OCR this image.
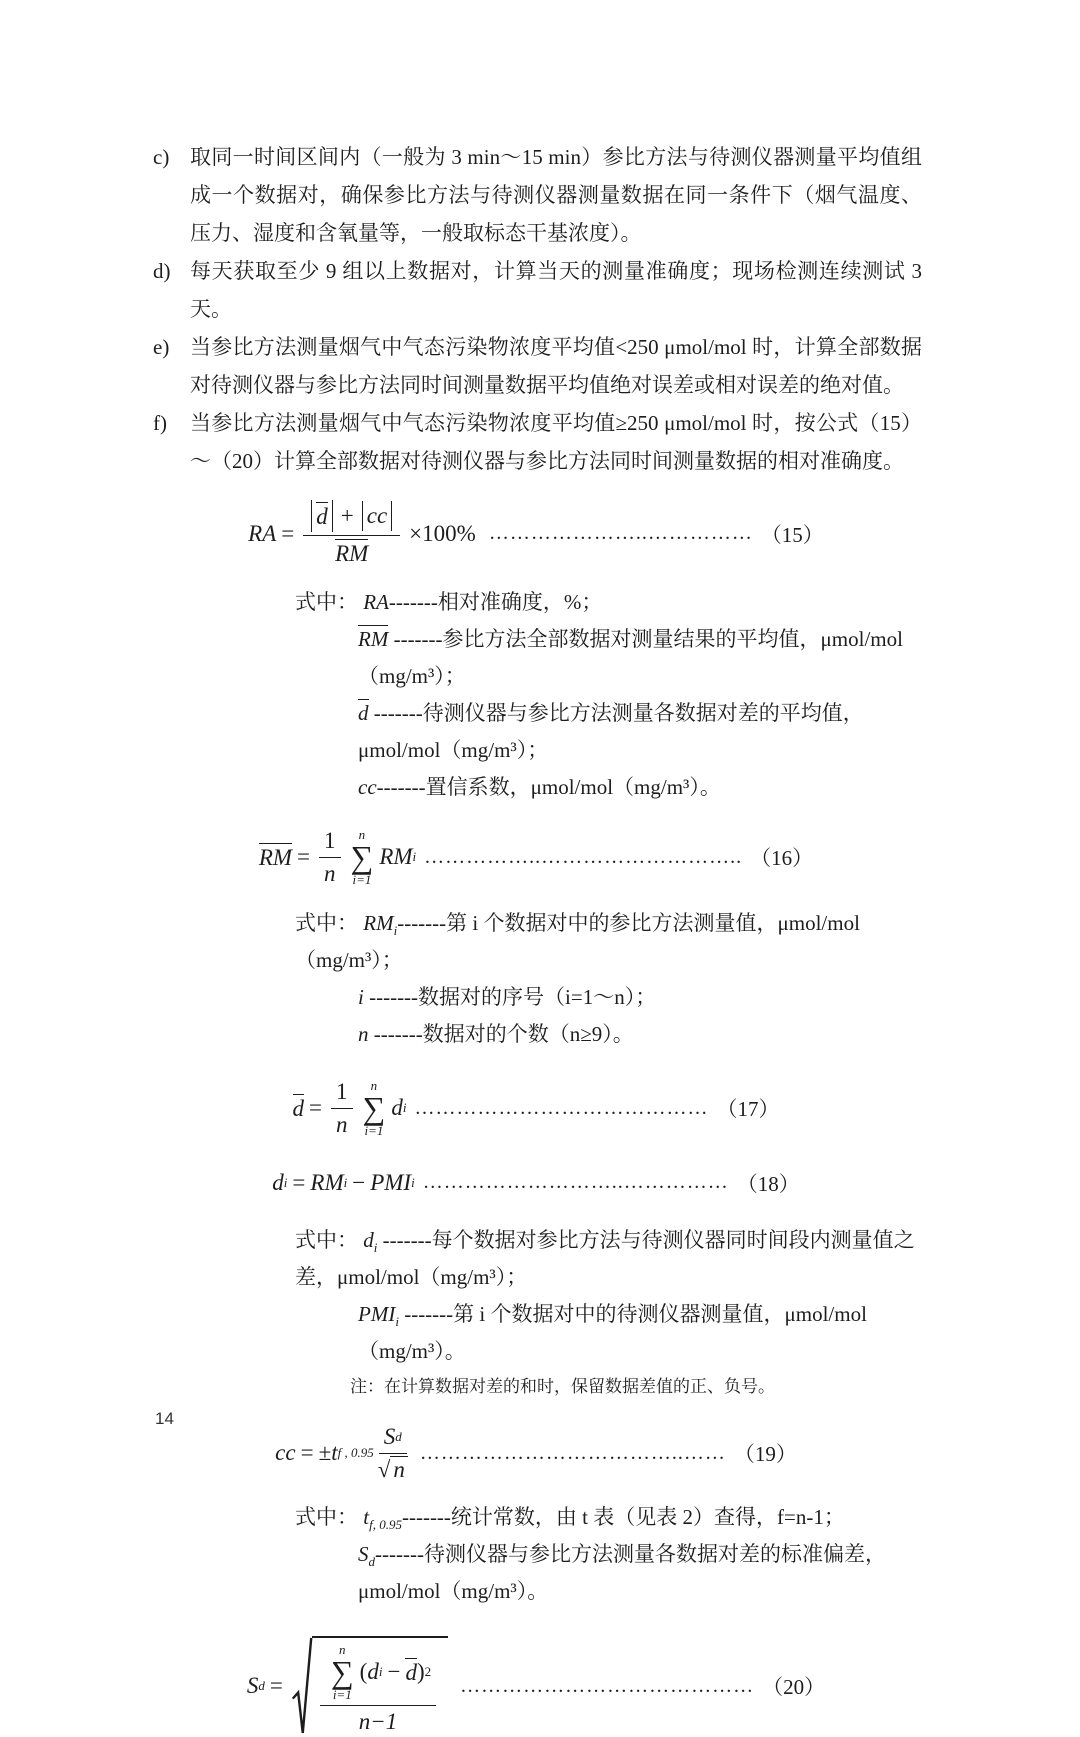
c) 取同一时间区间内（一般为 3 min～15 min）参比方法与待测仪器测量平均值组成一个数据对，确保参比方法与待测仪器测量数据在同一条件下（烟气温度、压力、湿度和含氧量等，一般取标态干基浓度）。
d) 每天获取至少 9 组以上数据对，计算当天的测量准确度；现场检测连续测试 3 天。
e) 当参比方法测量烟气中气态污染物浓度平均值<250 μmol/mol 时，计算全部数据对待测仪器与参比方法同时间测量数据平均值绝对误差或相对误差的绝对值。
f) 当参比方法测量烟气中气态污染物浓度平均值≥250 μmol/mol 时，按公式（15）～（20）计算全部数据对待测仪器与参比方法同时间测量数据的相对准确度。
RA = $\frac{d + cc}{RM} \times 100\%$ …………………..…………… （15）
式中： RA-------相对准确度，%；
RM -------参比方法全部数据对测量结果的平均值，μmol/mol（mg/m³）；
d -------待测仪器与参比方法测量各数据对差的平均值，μmol/mol（mg/m³）；
cc-------置信系数，μmol/mol（mg/m³）。
RM = $\frac{1}{n}$ n
∑
i=1
RM i ……………..……………………….. （16）
式中： $RM_i-------$第 i 个数据对中的参比方法测量值，μmol/mol（mg/m³）；
i -------数据对的序号（i=1～n）；
n -------数据对的个数（n≥9）。
$d = \frac{1}{n}$ n
∑
i=1
d i …………………………………… （17）
d i = RM i − PMI i ………………………..…………… （18）
式中： $d_i$ -------每个数据对参比方法与待测仪器同时间段内测量值之差，μmol/mol（mg/m³）；
$PMI_i$ -------第 i 个数据对中的待测仪器测量值，μmol/mol（mg/m³）。
注：在计算数据对差的和时，保留数据差值的正、负号。
cc = ± t f , $0.95 \frac{\text{S d}}{√ n}$ ………………………………..…… （19）
式中： $t_{f, 0.95}-------$统计常数，由 t 表（见表 2）查得，f=n-1；
$S_d-------$待测仪器与参比方法测量各数据对差的标准偏差，μmol/mol（mg/m³）。
S d =
n
∑
i=1
( d i − d ) 2
n−1
…………………………………… （20）
14
